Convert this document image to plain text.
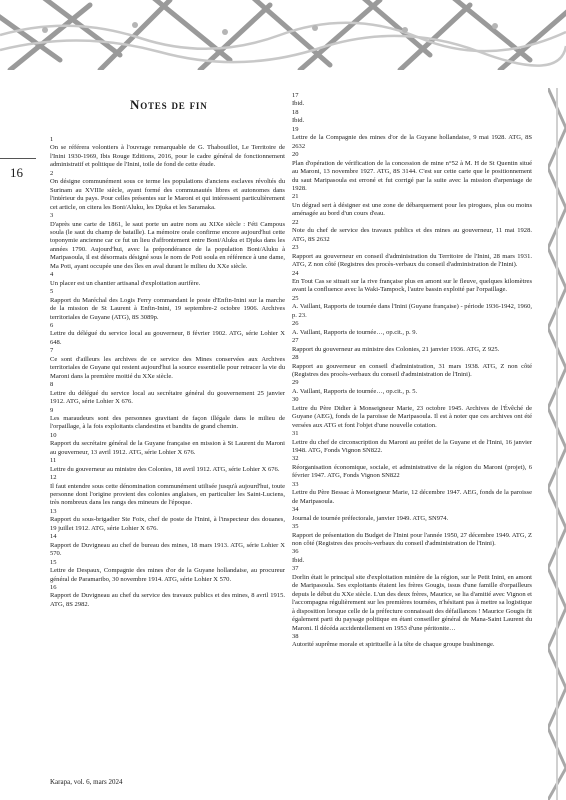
16
Notes de fin
1
On se référera volontiers à l'ouvrage remarquable de G. Thabouillot, Le Territoire de l'Inini 1930-1969, Ibis Rouge Editions, 2016, pour le cadre général de fonctionnement administratif et politique de l'Inini, toile de fond de cette étude.
2
On désigne communément sous ce terme les populations d'anciens esclaves révoltés du Surinam au XVIIIe siècle, ayant formé des communautés libres et autonomes dans l'intérieur du pays. Pour celles présentes sur le Maroni et qui intéressent particulièrement cet article, on citera les Boni/Aluku, les Djuka et les Saramaka.
3
D'après une carte de 1861, le saut porte un autre nom au XIXe siècle : Féti Campous soula (le saut du champ de bataille). La mémoire orale confirme encore aujourd'hui cette toponymie ancienne car ce fut un lieu d'affrontement entre Boni/Aluku et Djuka dans les années 1790. Aujourd'hui, avec la prépondérance de la population Boni/Aluku à Maripasoula, il est désormais désigné sous le nom de Poti soula en référence à une dame, Ma Poti, ayant occupée une des îles en aval durant le milieu du XXe siècle.
4
Un placer est un chantier artisanal d'exploitation aurifère.
5
Rapport du Maréchal des Logis Ferry commandant le poste d'Enfin-Inini sur la marche de la mission de St Laurent à Enfin-Inini, 19 septembre-2 octobre 1906. Archives territoriales de Guyane (ATG), 8S 3089p.
6
Lettre du délégué du service local au gouverneur, 8 février 1902. ATG, série Lohier X 648.
7
Ce sont d'ailleurs les archives de ce service des Mines conservées aux Archives territoriales de Guyane qui restent aujourd'hui la source essentielle pour retracer la vie du Maroni dans la première moitié du XXe siècle.
8
Lettre du délégué du service local au secrétaire général du gouvernement 25 janvier 1912. ATG, série Lohier X 676.
9
Les maraudeurs sont des personnes gravitant de façon illégale dans le milieu de l'orpaillage, à la fois exploitants clandestins et bandits de grand chemin.
10
Rapport du secrétaire général de la Guyane française en mission à St Laurent du Maroni au gouverneur, 13 avril 1912. ATG, série Lohier X 676.
11
Lettre du gouverneur au ministre des Colonies, 18 avril 1912. ATG, série Lohier X 676.
12
Il faut entendre sous cette dénomination communément utilisée jusqu'à aujourd'hui, toute personne dont l'origine provient des colonies anglaises, en particulier les Saint-Luciens, très nombreux dans les rangs des mineurs de l'époque.
13
Rapport du sous-brigadier Ste Foix, chef de poste de l'Inini, à l'inspecteur des douanes, 19 juillet 1912. ATG, série Lohier X 676.
14
Rapport de Duvigneau au chef de bureau des mines, 18 mars 1913. ATG, série Lohier X 570.
15
Lettre de Despaux, Compagnie des mines d'or de la Guyane hollandaise, au procureur général de Paramaribo, 30 novembre 1914. ATG, série Lohier X 570.
16
Rapport de Duvigneau au chef du service des travaux publics et des mines, 8 avril 1915. ATG, 8S 2982.
17
Ibid.
18
Ibid.
19
Lettre de la Compagnie des mines d'or de la Guyane hollandaise, 9 mai 1928. ATG, 8S 2632
20
Plan d'opération de vérification de la concession de mine n°52 à M. H de St Quentin situé au Maroni, 13 novembre 1927. ATG, 8S 3144. C'est sur cette carte que le positionnement du saut Maripasoula est erroné et fut corrigé par la suite avec la mission d'arpentage de 1928.
21
Un dégrad sert à désigner est une zone de débarquement pour les pirogues, plus ou moins aménagée au bord d'un cours d'eau.
22
Note du chef de service des travaux publics et des mines au gouverneur, 11 mai 1928. ATG, 8S 2632
23
Rapport au gouverneur en conseil d'administration du Territoire de l'Inini, 28 mars 1931. ATG, Z non côté (Registres des procès-verbaux du conseil d'administration de l'Inini).
24
En Tout Cas se situait sur la rive française plus en amont sur le fleuve, quelques kilomètres avant la confluence avec la Waki-Tampock, l'autre bassin exploité par l'orpaillage.
25
A. Vaillant, Rapports de tournée dans l'Inini (Guyane française) - période 1936-1942, 1960, p. 23.
26
A. Vaillant, Rapports de tournée…, op.cit., p. 9.
27
Rapport du gouverneur au ministre des Colonies, 21 janvier 1936. ATG, Z 925.
28
Rapport au gouverneur en conseil d'administration, 31 mars 1938. ATG, Z non côté (Registres des procès-verbaux du conseil d'administration de l'Inini).
29
A. Vaillant, Rapports de tournée…, op.cit., p. 5.
30
Lettre du Père Didier à Monseigneur Marie, 23 octobre 1945. Archives de l'Évêché de Guyane (AEG), fonds de la paroisse de Maripasoula. Il est à noter que ces archives ont été versées aux ATG et font l'objet d'une nouvelle cotation.
31
Lettre du chef de circonscription du Maroni au préfet de la Guyane et de l'Inini, 16 janvier 1948. ATG, Fonds Vignon SN822.
32
Réorganisation économique, sociale, et administrative de la région du Maroni (projet), 6 février 1947. ATG, Fonds Vignon SN822
33
Lettre du Père Bessac à Monseigneur Marie, 12 décembre 1947. AEG, fonds de la paroisse de Maripasoula.
34
Journal de tournée préfectorale, janvier 1949. ATG, SN974.
35
Rapport de présentation du Budget de l'Inini pour l'année 1950, 27 décembre 1949. ATG, Z non côté (Registres des procès-verbaux du conseil d'administration de l'Inini).
36
Ibid.
37
Dorlin était le principal site d'exploitation minière de la région, sur le Petit Inini, en amont de Maripasoula. Ses exploitants étaient les frères Gougis, issus d'une famille d'orpailleurs depuis le début du XXe siècle. L'un des deux frères, Maurice, se lia d'amitié avec Vignon et l'accompagna régulièrement sur les premières tournées, n'hésitant pas à mettre sa logistique à disposition lorsque celle de la préfecture connaissait des défaillances ! Maurice Gougis fit également parti du paysage politique en étant conseiller général de Mana-Saint Laurent du Maroni. Il décéda accidentellement en 1953 d'une péritonite…
38
Autorité suprême morale et spirituelle à la tête de chaque groupe bushinenge.
Karapa, vol. 6, mars 2024
